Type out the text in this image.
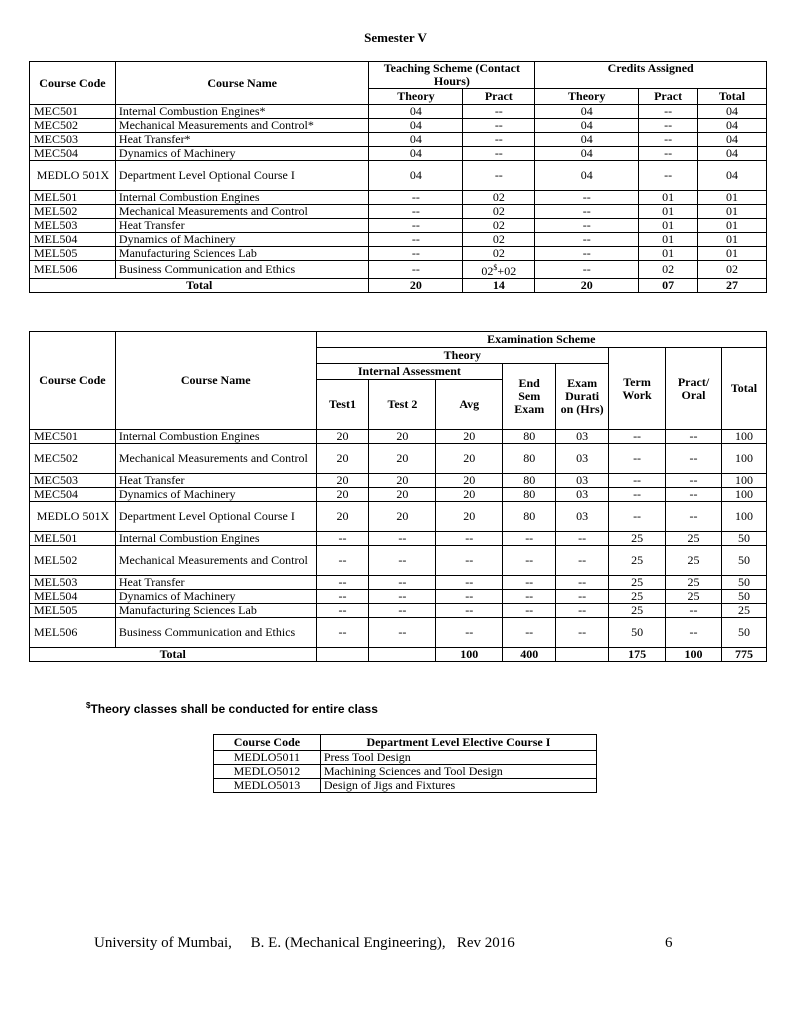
Semester V
Course Code	Course Name	Teaching Scheme (Contact Hours)		Credits Assigned		
		Theory	Pract	Theory	Pract	Total
MEC501	Internal Combustion Engines*	04	--	04	--	04
MEC502	Mechanical Measurements and Control*	04	--	04	--	04
MEC503	Heat Transfer*	04	--	04	--	04
MEC504	Dynamics of Machinery	04	--	04	--	04
MEDLO 501X	Department Level Optional Course I	04	--	04	--	04
MEL501	Internal Combustion Engines	--	02	--	01	01
MEL502	Mechanical Measurements and Control	--	02	--	01	01
MEL503	Heat Transfer	--	02	--	01	01
MEL504	Dynamics of Machinery	--	02	--	01	01
MEL505	Manufacturing Sciences Lab	--	02	--	01	01
MEL506	Business Communication and Ethics	--	02$+02	--	02	02
Total		20	14	20	07	27
Course Code	Course Name	Examination Scheme							
		Theory					Term Work	Pract/ Oral	Total
		Internal Assessment			End Sem Exam	Exam Durati on (Hrs)			
		Test1	Test 2	Avg					
MEC501	Internal Combustion Engines	20	20	20	80	03	--	--	100
MEC502	Mechanical Measurements and Control	20	20	20	80	03	--	--	100
MEC503	Heat Transfer	20	20	20	80	03	--	--	100
MEC504	Dynamics of Machinery	20	20	20	80	03	--	--	100
MEDLO 501X	Department Level Optional Course I	20	20	20	80	03	--	--	100
MEL501	Internal Combustion Engines	--	--	--	--	--	25	25	50
MEL502	Mechanical Measurements and Control	--	--	--	--	--	25	25	50
MEL503	Heat Transfer	--	--	--	--	--	25	25	50
MEL504	Dynamics of Machinery	--	--	--	--	--	25	25	50
MEL505	Manufacturing Sciences Lab	--	--	--	--	--	25	--	25
MEL506	Business Communication and Ethics	--	--	--	--	--	50	--	50
Total				100	400		175	100	775
$Theory classes shall be conducted for entire class
Course Code	Department Level Elective Course I
MEDLO5011	Press Tool Design
MEDLO5012	Machining Sciences and Tool Design
MEDLO5013	Design of Jigs and Fixtures
University of Mumbai,     B. E. (Mechanical Engineering),   Rev 2016	6
